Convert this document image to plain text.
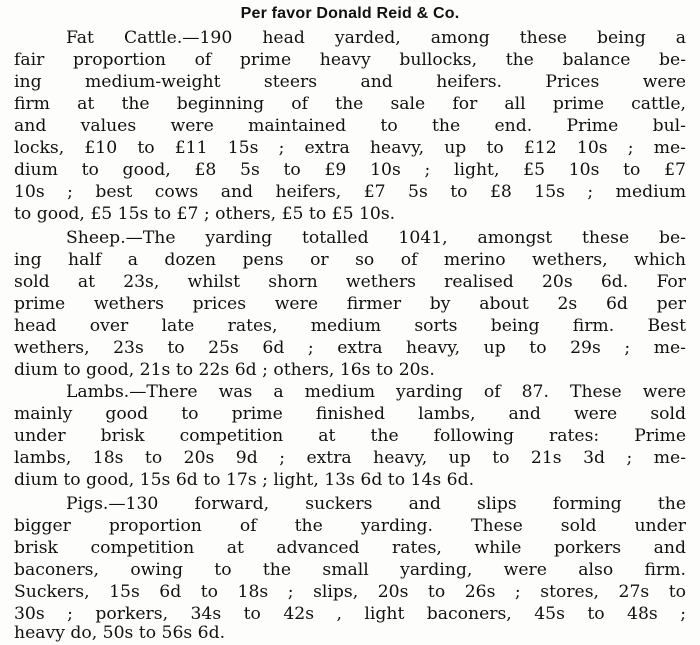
Per favor Donald Reid & Co.
Fat Cattle.—190 head yarded, among these being a
fair proportion of prime heavy bullocks, the balance be-
ing medium-weight steers and heifers. Prices were
firm at the beginning of the sale for all prime cattle,
and values were maintained to the end. Prime bul-
locks, £10 to £11 15s ; extra heavy, up to £12 10s ; me-
dium to good, £8 5s to £9 10s ; light, £5 10s to £7
10s ; best cows and heifers, £7 5s to £8 15s ; medium
to good, £5 15s to £7 ; others, £5 to £5 10s.
Sheep.—The yarding totalled 1041, amongst these be-
ing half a dozen pens or so of merino wethers, which
sold at 23s, whilst shorn wethers realised 20s 6d. For
prime wethers prices were firmer by about 2s 6d per
head over late rates, medium sorts being firm. Best
wethers, 23s to 25s 6d ; extra heavy, up to 29s ; me-
dium to good, 21s to 22s 6d ; others, 16s to 20s.
Lambs.—There was a medium yarding of 87. These were
mainly good to prime finished lambs, and were sold
under brisk competition at the following rates: Prime
lambs, 18s to 20s 9d ; extra heavy, up to 21s 3d ; me-
dium to good, 15s 6d to 17s ; light, 13s 6d to 14s 6d.
Pigs.—130 forward, suckers and slips forming the
bigger proportion of the yarding. These sold under
brisk competition at advanced rates, while porkers and
baconers, owing to the small yarding, were also firm.
Suckers, 15s 6d to 18s ; slips, 20s to 26s ; stores, 27s to
30s ; porkers, 34s to 42s , light baconers, 45s to 48s ;
heavy do, 50s to 56s 6d.
